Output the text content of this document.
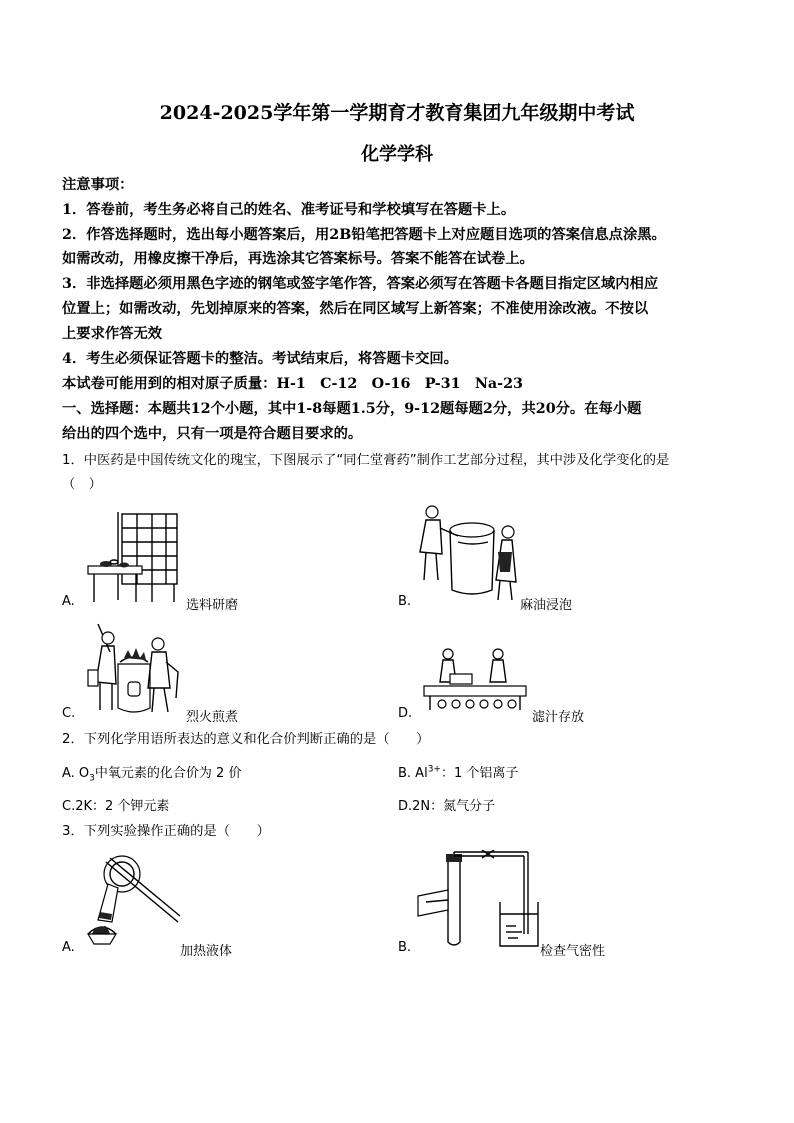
2024-2025学年第一学期育才教育集团九年级期中考试
化学学科
注意事项：
1．答卷前，考生务必将自己的姓名、准考证号和学校填写在答题卡上。
2．作答选择题时，选出每小题答案后，用2B铅笔把答题卡上对应题目选项的答案信息点涂黑。
如需改动，用橡皮擦干净后，再选涂其它答案标号。答案不能答在试卷上。
3．非选择题必须用黑色字迹的钢笔或签字笔作答，答案必须写在答题卡各题目指定区域内相应
位置上；如需改动，先划掉原来的答案，然后在同区域写上新答案；不准使用涂改液。不按以
上要求作答无效
4．考生必须保证答题卡的整洁。考试结束后，将答题卡交回。
本试卷可能用到的相对原子质量：H-1　C-12　O-16　P-31　Na-23
一、选择题：本题共12个小题，其中1-8每题1.5分，9-12题每题2分，共20分。在每小题
给出的四个选中，只有一项是符合题目要求的。
1．中医药是中国传统文化的瑰宝，下图展示了“同仁堂膏药”制作工艺部分过程，其中涉及化学变化的是
（　）
A.	选料研磨	B.	麻油浸泡
C.	烈火煎煮	D.	滤汁存放
2．下列化学用语所表达的意义和化合价判断正确的是（　　）
A. $O_3$中氧元素的化合价为 2 价	B. $Al^{3+}$：1 个铝离子
C.2K：2 个钾元素	D.2N：氮气分子
3．下列实验操作正确的是（　　）
A.	加热液体	B.	检查气密性
